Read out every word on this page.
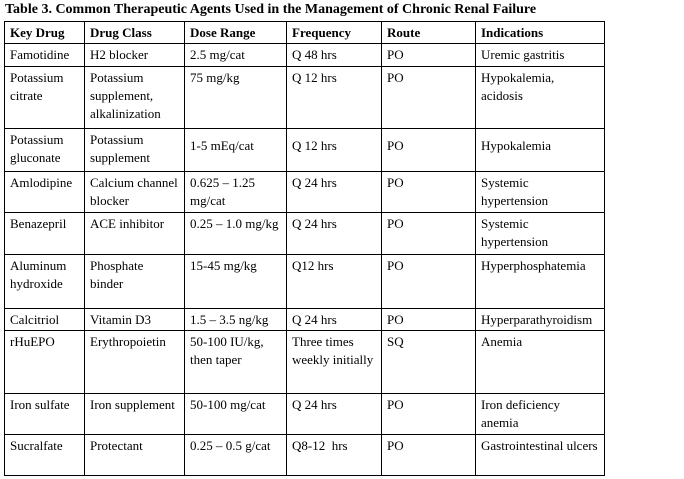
Table 3. Common Therapeutic Agents Used in the Management of Chronic Renal Failure
Key Drug	Drug Class	Dose Range	Frequency	Route	Indications
Famotidine	H2 blocker	2.5 mg/cat	Q 48 hrs	PO	Uremic gastritis
Potassium citrate	Potassium supplement, alkalinization	75 mg/kg	Q 12 hrs	PO	Hypokalemia, acidosis
Potassium gluconate	Potassium supplement	1-5 mEq/cat	Q 12 hrs	PO	Hypokalemia
Amlodipine	Calcium channel blocker	0.625 – 1.25 mg/cat	Q 24 hrs	PO	Systemic hypertension
Benazepril	ACE inhibitor	0.25 – 1.0 mg/kg	Q 24 hrs	PO	Systemic hypertension
Aluminum hydroxide	Phosphate binder	15-45 mg/kg	Q12 hrs	PO	Hyperphosphatemia
Calcitriol	Vitamin D3	1.5 – 3.5 ng/kg	Q 24 hrs	PO	Hyperparathyroidism
rHuEPO	Erythropoietin	50-100 IU/kg, then taper	Three times weekly initially	SQ	Anemia
Iron sulfate	Iron supplement	50-100 mg/cat	Q 24 hrs	PO	Iron deficiency anemia
Sucralfate	Protectant	0.25 – 0.5 g/cat	Q8-12  hrs	PO	Gastrointestinal ulcers
